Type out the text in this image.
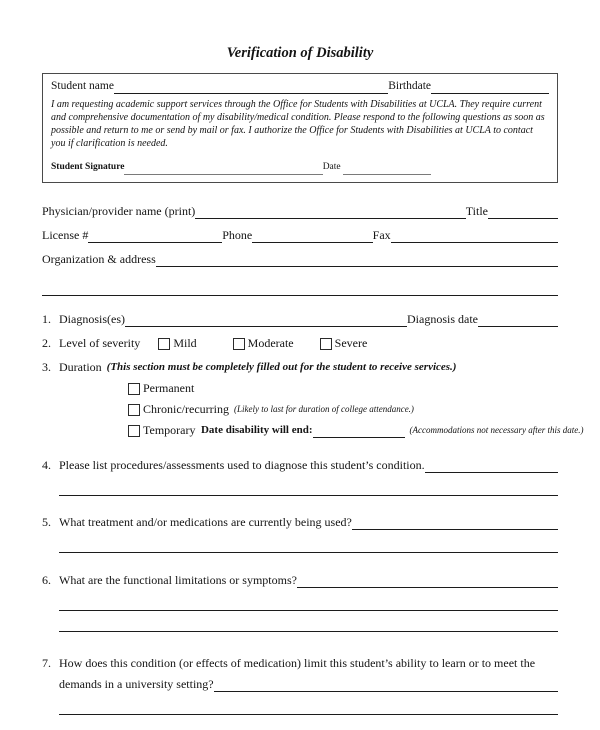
Verification of Disability
Student name	Birthdate

I am requesting academic support services through the Office for Students with Disabilities at UCLA. They require current and comprehensive documentation of my disability/medical condition. Please respond to the following questions as soon as possible and return to me or send by mail or fax. I authorize the Office for Students with Disabilities at UCLA to contact you if clarification is needed.

Student Signature	Date
Physician/provider name (print)	Title
License #	Phone	Fax
Organization & address
1. Diagnosis(es)	Diagnosis date
2. Level of severity	Mild	Moderate	Severe
3. Duration (This section must be completely filled out for the student to receive services.)
Permanent
Chronic/recurring (Likely to last for duration of college attendance.)
Temporary Date disability will end:	(Accommodations not necessary after this date.)
4. Please list procedures/assessments used to diagnose this student’s condition.
5. What treatment and/or medications are currently being used?
6. What are the functional limitations or symptoms?
7. How does this condition (or effects of medication) limit this student’s ability to learn or to meet the
demands in a university setting?
